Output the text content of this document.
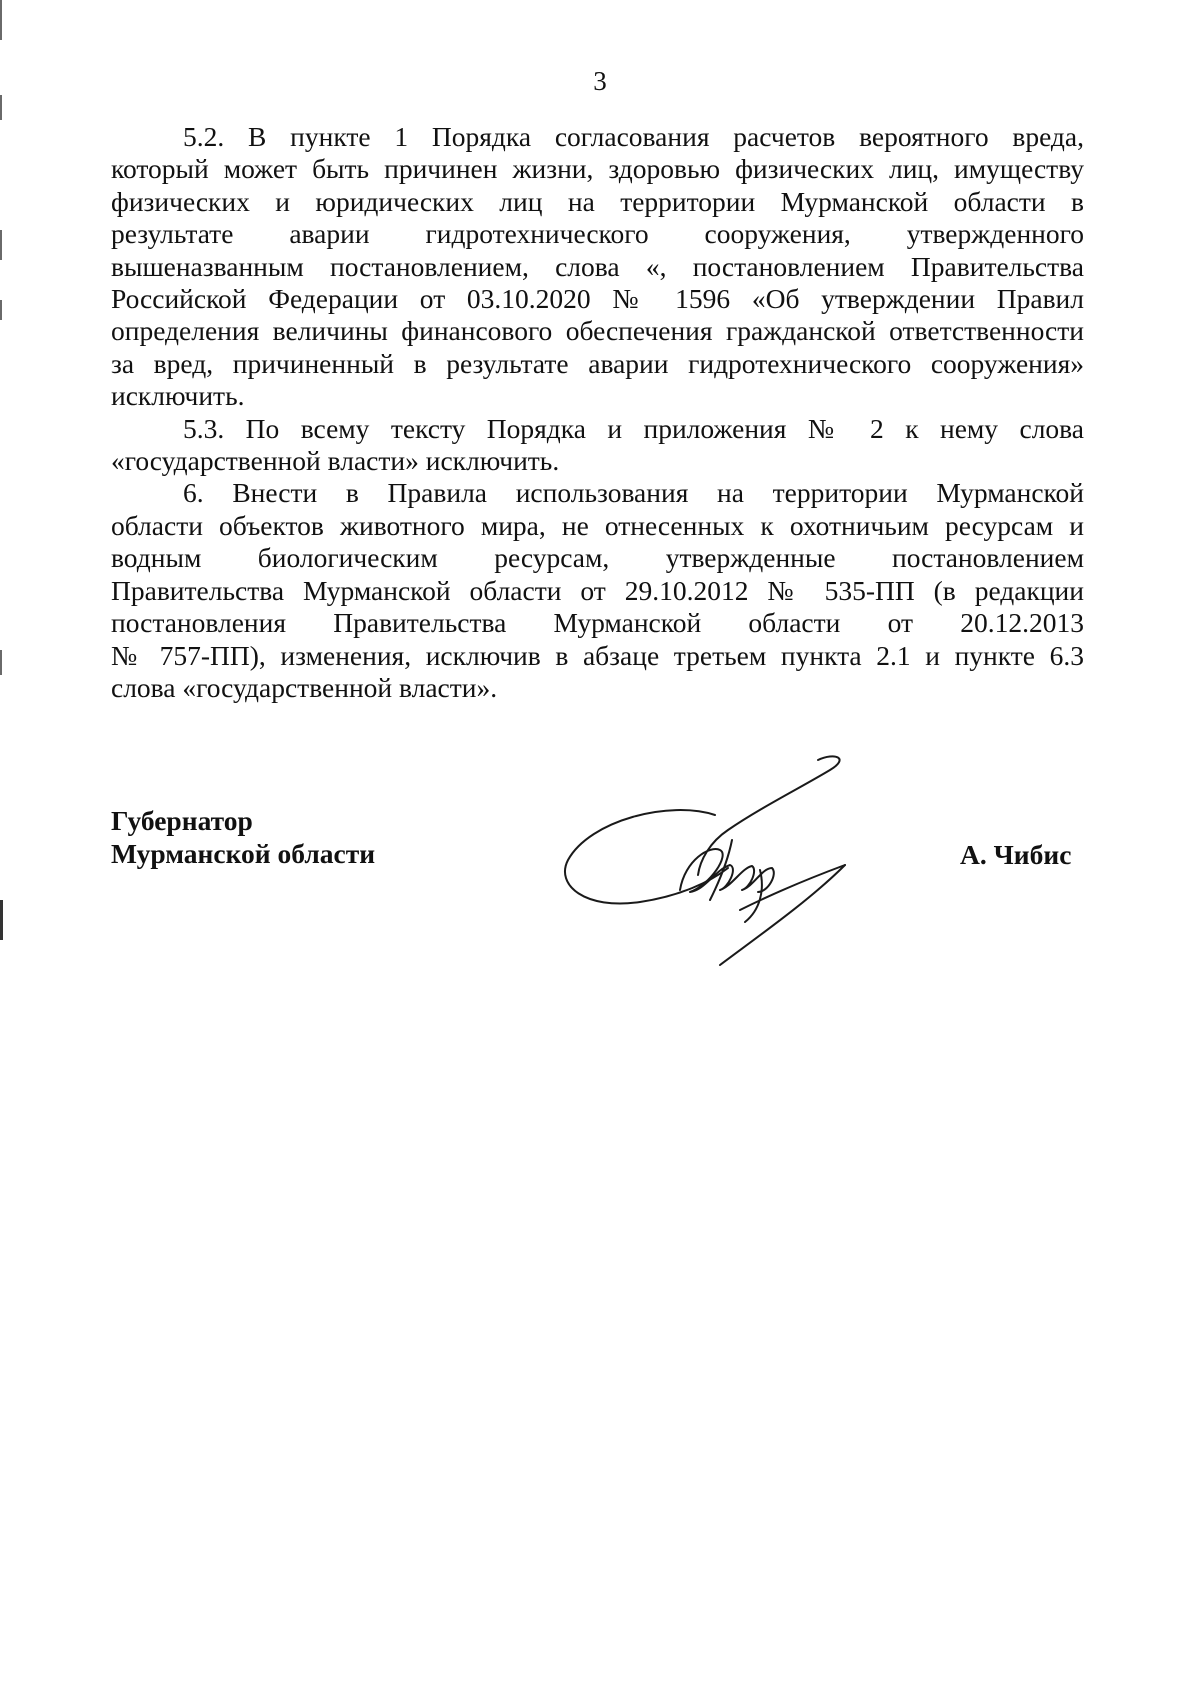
3
5.2. В пункте 1 Порядка согласования расчетов вероятного вреда,
который может быть причинен жизни, здоровью физических лиц, имуществу
физических и юридических лиц на территории Мурманской области в
результате аварии гидротехнического сооружения, утвержденного
вышеназванным постановлением, слова «, постановлением Правительства
Российской Федерации от 03.10.2020 № 1596 «Об утверждении Правил
определения величины финансового обеспечения гражданской ответственности
за вред, причиненный в результате аварии гидротехнического сооружения»
исключить.
5.3. По всему тексту Порядка и приложения № 2 к нему слова
«государственной власти» исключить.
6. Внести в Правила использования на территории Мурманской
области объектов животного мира, не отнесенных к охотничьим ресурсам и
водным биологическим ресурсам, утвержденные постановлением
Правительства Мурманской области от 29.10.2012 № 535-ПП (в редакции
постановления Правительства Мурманской области от 20.12.2013
№ 757-ПП), изменения, исключив в абзаце третьем пункта 2.1 и пункте 6.3
слова «государственной власти».
Губернатор
Мурманской области	А. Чибис
